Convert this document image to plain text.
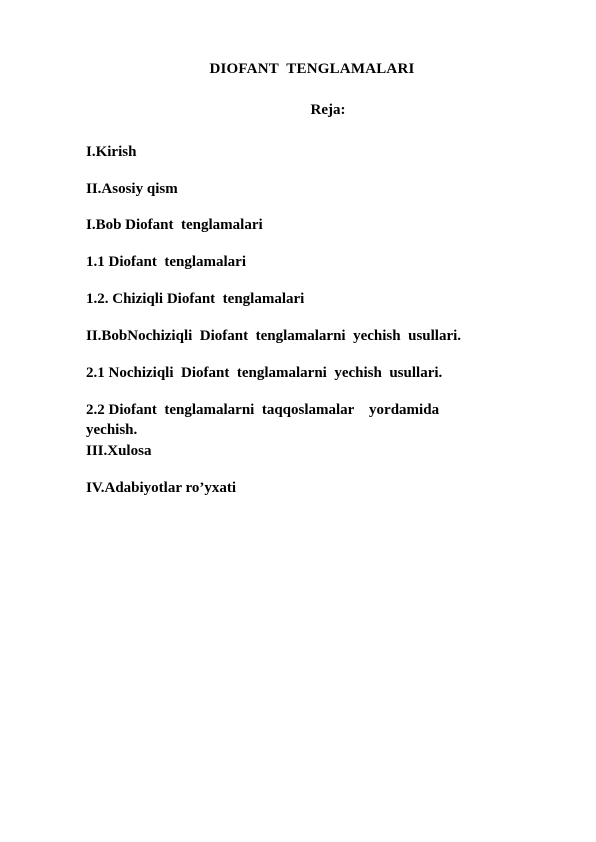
DIOFANT  TENGLAMALARI
Reja:
I.Kirish
II.Asosiy qism
I.Bob Diofant  tenglamalari
1.1 Diofant  tenglamalari
1.2. Chiziqli Diofant  tenglamalari
II.BobNochiziqli  Diofant  tenglamalarni  yechish  usullari.
2.1 Nochiziqli  Diofant  tenglamalarni  yechish  usullari.
2.2 Diofant  tenglamalarni  taqqoslamalar    yordamida
yechish.
III.Xulosa
IV.Adabiyotlar ro’yxati
